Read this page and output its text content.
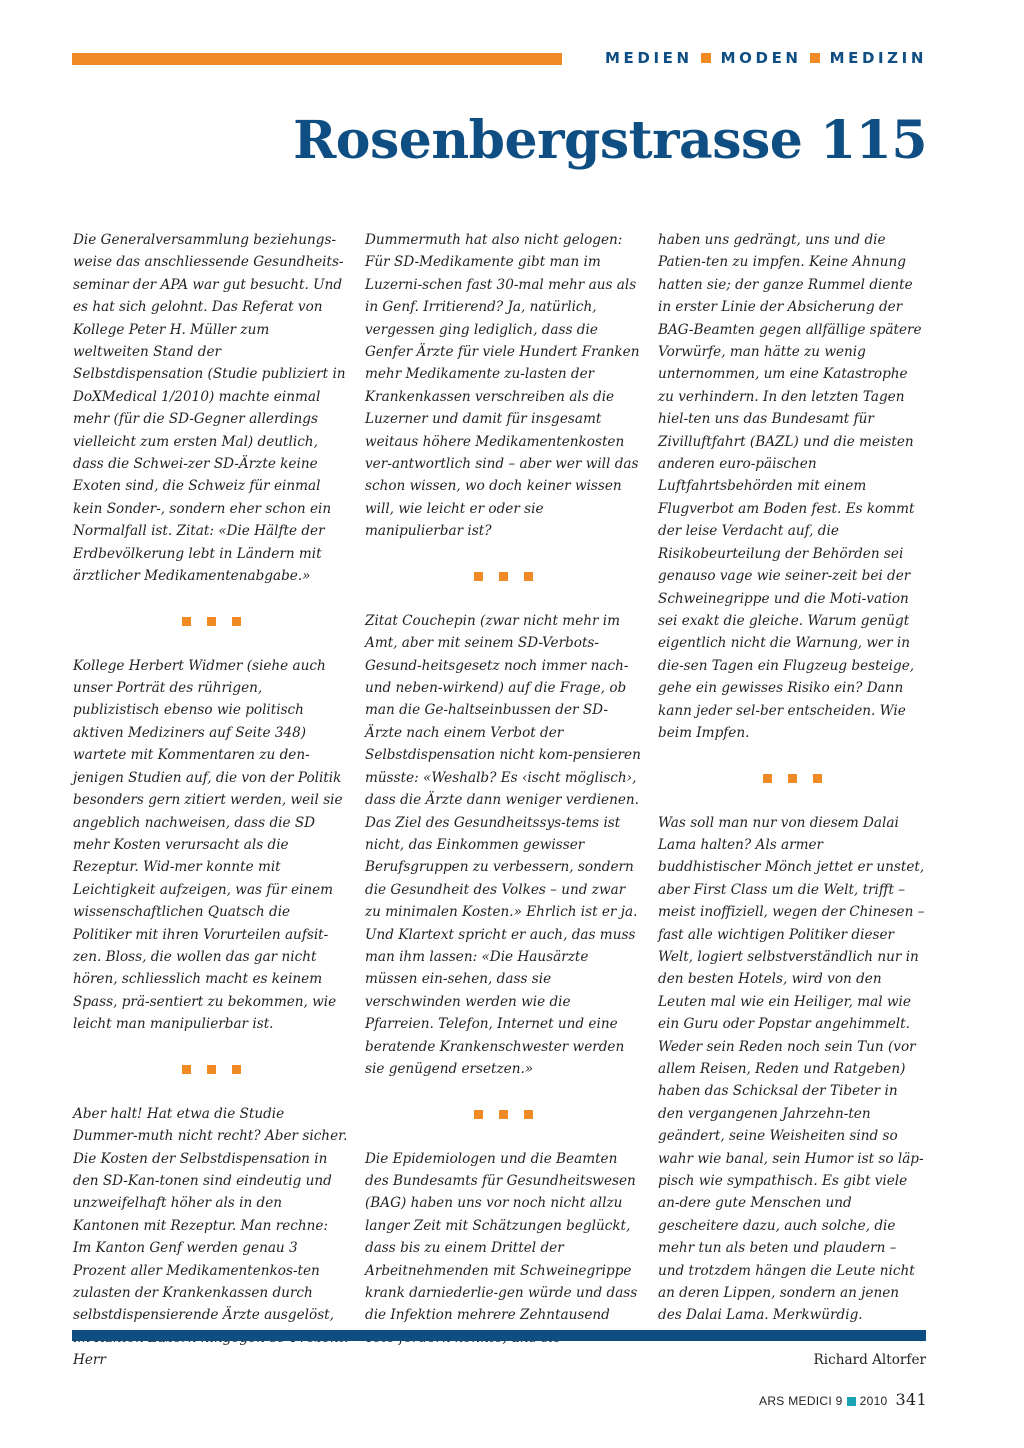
MEDIEN MODEN MEDIZIN
Rosenbergstrasse 115

Die Generalversammlung beziehungs-weise das anschliessende Gesundheits-seminar der APA war gut besucht. Und es hat sich gelohnt. Das Referat von Kollege Peter H. Müller zum weltweiten Stand der Selbstdispensation (Studie publiziert in DoXMedical 1/2010) machte einmal mehr (für die SD-Gegner allerdings vielleicht zum ersten Mal) deutlich, dass die Schwei-zer SD-Ärzte keine Exoten sind, die Schweiz für einmal kein Sonder-, sondern eher schon ein Normalfall ist. Zitat: «Die Hälfte der Erdbevölkerung lebt in Ländern mit ärztlicher Medikamentenabgabe.»

Kollege Herbert Widmer (siehe auch unser Porträt des rührigen, publizistisch ebenso wie politisch aktiven Mediziners auf Seite 348) wartete mit Kommentaren zu den-jenigen Studien auf, die von der Politik besonders gern zitiert werden, weil sie angeblich nachweisen, dass die SD mehr Kosten verursacht als die Rezeptur. Wid-mer konnte mit Leichtigkeit aufzeigen, was für einem wissenschaftlichen Quatsch die Politiker mit ihren Vorurteilen aufsit-zen. Bloss, die wollen das gar nicht hören, schliesslich macht es keinem Spass, prä-sentiert zu bekommen, wie leicht man manipulierbar ist.

Aber halt! Hat etwa die Studie Dummer-muth nicht recht? Aber sicher. Die Kosten der Selbstdispensation in den SD-Kan-tonen sind eindeutig und unzweifelhaft höher als in den Kantonen mit Rezeptur. Man rechne: Im Kanton Genf werden genau 3 Prozent aller Medikamentenkos-ten zulasten der Krankenkassen durch selbstdispensierende Ärzte ausgelöst, Herr

Dummermuth hat also nicht gelogen: Für SD-Medikamente gibt man im Luzerni-schen fast 30-mal mehr aus als in Genf. Irritierend? Ja, natürlich, vergessen ging lediglich, dass die Genfer Ärzte für viele Hundert Franken mehr Medikamente zu-lasten der Krankenkassen verschreiben als die Luzerner und damit für insgesamt weitaus höhere Medikamentenkosten ver-antwortlich sind – aber wer will das schon wissen, wo doch keiner wissen will, wie leicht er oder sie manipulierbar ist?

Zitat Couchepin (zwar nicht mehr im Amt, aber mit seinem SD-Verbots-Gesund-heitsgesetz noch immer nach- und neben-wirkend) auf die Frage, ob man die Ge-haltseinbussen der SD-Ärzte nach einem Verbot der Selbstdispensation nicht kom-pensieren müsste: «Weshalb? Es ‹ischt möglisch›, dass die Ärzte dann weniger verdienen. Das Ziel des Gesundheitssys-tems ist nicht, das Einkommen gewisser Berufsgruppen zu verbessern, sondern die Gesundheit des Volkes – und zwar zu minimalen Kosten.» Ehrlich ist er ja. Und Klartext spricht er auch, das muss man ihm lassen: «Die Hausärzte müssen ein-sehen, dass sie verschwinden werden wie die Pfarreien. Telefon, Internet und eine beratende Krankenschwester werden sie genügend ersetzen.»

Die Epidemiologen und die Beamten des Bundesamts für Gesundheitswesen (BAG) haben uns vor noch nicht allzu langer Zeit mit Schätzungen beglückt, dass bis zu einem Drittel der Arbeitnehmenden mit Schweinegrippe krank darniederlie-gen würde und dass die Infektion mehrere Zehntausend

haben uns gedrängt, uns und die Patien-ten zu impfen. Keine Ahnung hatten sie; der ganze Rummel diente in erster Linie der Absicherung der BAG-Beamten gegen allfällige spätere Vorwürfe, man hätte zu wenig unternommen, um eine Katastrophe zu verhindern. In den letzten Tagen hiel-ten uns das Bundesamt für Zivilluftfahrt (BAZL) und die meisten anderen euro-päischen Luftfahrtsbehörden mit einem Flugverbot am Boden fest. Es kommt der leise Verdacht auf, die Risikobeurteilung der Behörden sei genauso vage wie seiner-zeit bei der Schweinegrippe und die Moti-vation sei exakt die gleiche. Warum genügt eigentlich nicht die Warnung, wer in die-sen Tagen ein Flugzeug besteige, gehe ein gewisses Risiko ein? Dann kann jeder sel-ber entscheiden. Wie beim Impfen.

Was soll man nur von diesem Dalai Lama halten? Als armer buddhistischer Mönch jettet er unstet, aber First Class um die Welt, trifft – meist inoffiziell, wegen der Chinesen – fast alle wichtigen Politiker dieser Welt, logiert selbstverständlich nur in den besten Hotels, wird von den Leuten mal wie ein Heiliger, mal wie ein Guru oder Popstar angehimmelt. Weder sein Reden noch sein Tun (vor allem Reisen, Reden und Ratgeben) haben das Schicksal der Tibeter in den vergangenen Jahrzehn-ten geändert, seine Weisheiten sind so wahr wie banal, sein Humor ist so läp-pisch wie sympathisch. Es gibt viele an-dere gute Menschen und gescheitere dazu, auch solche, die mehr tun als beten und plaudern – und trotzdem hängen die Leute nicht an deren Lippen, sondern an jenen des Dalai Lama. Merkwürdig.

Richard Altorfer

ARS MEDICI 9 2010 341
